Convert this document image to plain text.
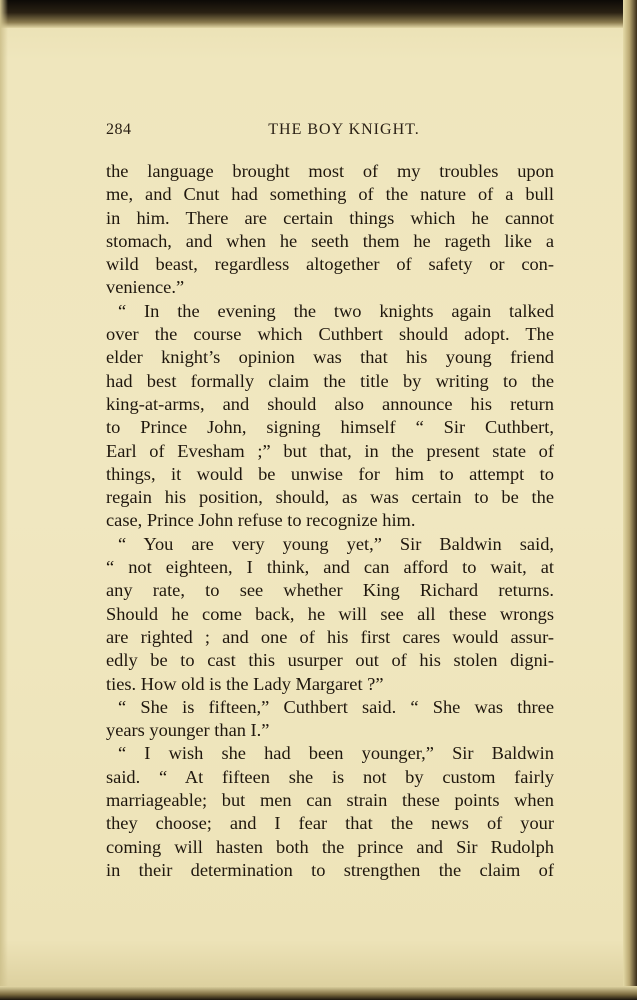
284	THE BOY KNIGHT.
the language brought most of my troubles upon
me, and Cnut had something of the nature of a bull
in him. There are certain things which he cannot
stomach, and when he seeth them he rageth like a
wild beast, regardless altogether of safety or con-
venience.”
“ In the evening the two knights again talked
over the course which Cuthbert should adopt. The
elder knight’s opinion was that his young friend
had best formally claim the title by writing to the
king-at-arms, and should also announce his return
to Prince John, signing himself “ Sir Cuthbert,
Earl of Evesham ;” but that, in the present state of
things, it would be unwise for him to attempt to
regain his position, should, as was certain to be the
case, Prince John refuse to recognize him.
“ You are very young yet,” Sir Baldwin said,
“ not eighteen, I think, and can afford to wait, at
any rate, to see whether King Richard returns.
Should he come back, he will see all these wrongs
are righted ; and one of his first cares would assur-
edly be to cast this usurper out of his stolen digni-
ties. How old is the Lady Margaret ?”
“ She is fifteen,” Cuthbert said. “ She was three
years younger than I.”
“ I wish she had been younger,” Sir Baldwin
said. “ At fifteen she is not by custom fairly
marriageable; but men can strain these points when
they choose; and I fear that the news of your
coming will hasten both the prince and Sir Rudolph
in their determination to strengthen the claim of
